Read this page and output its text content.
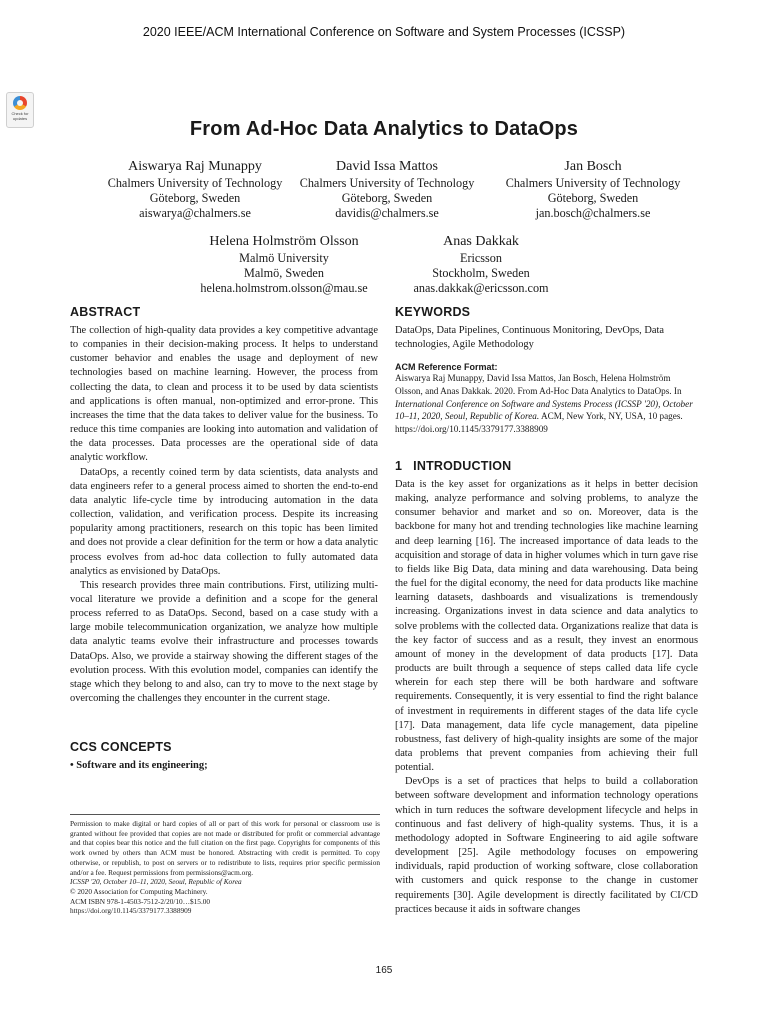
2020 IEEE/ACM International Conference on Software and System Processes (ICSSP)
Check for updates	From Ad-Hoc Data Analytics to DataOps
Aiswarya Raj Munappy
Chalmers University of Technology
Göteborg, Sweden
aiswarya@chalmers.se
David Issa Mattos
Chalmers University of Technology
Göteborg, Sweden
davidis@chalmers.se
Jan Bosch
Chalmers University of Technology
Göteborg, Sweden
jan.bosch@chalmers.se
Helena Holmström Olsson
Malmö University
Malmö, Sweden
helena.holmstrom.olsson@mau.se
Anas Dakkak
Ericsson
Stockholm, Sweden
anas.dakkak@ericsson.com
ABSTRACT

The collection of high-quality data provides a key competitive advantage to companies in their decision-making process. It helps to understand customer behavior and enables the usage and deployment of new technologies based on machine learning. However, the process from collecting the data, to clean and process it to be used by data scientists and applications is often manual, non-optimized and error-prone. This increases the time that the data takes to deliver value for the business. To reduce this time companies are looking into automation and validation of the data processes. Data processes are the operational side of data analytic workflow.

DataOps, a recently coined term by data scientists, data analysts and data engineers refer to a general process aimed to shorten the end-to-end data analytic life-cycle time by introducing automation in the data collection, validation, and verification process. Despite its increasing popularity among practitioners, research on this topic has been limited and does not provide a clear definition for the term or how a data analytic process evolves from ad-hoc data collection to fully automated data analytics as envisioned by DataOps.

This research provides three main contributions. First, utilizing multi-vocal literature we provide a definition and a scope for the general process referred to as DataOps. Second, based on a case study with a large mobile telecommunication organization, we analyze how multiple data analytic teams evolve their infrastructure and processes towards DataOps. Also, we provide a stairway showing the different stages of the evolution process. With this evolution model, companies can identify the stage which they belong to and also, can try to move to the next stage by overcoming the challenges they encounter in the current stage.

CCS CONCEPTS

• Software and its engineering;

Permission to make digital or hard copies of all or part of this work for personal or classroom use is granted without fee provided that copies are not made or distributed for profit or commercial advantage and that copies bear this notice and the full citation on the first page. Copyrights for components of this work owned by others than ACM must be honored. Abstracting with credit is permitted. To copy otherwise, or republish, to post on servers or to redistribute to lists, requires prior specific permission and/or a fee. Request permissions from permissions@acm.org.

ICSSP '20, October 10–11, 2020, Seoul, Republic of Korea

© 2020 Association for Computing Machinery.

ACM ISBN 978-1-4503-7512-2/20/10…$15.00

https://doi.org/10.1145/3379177.3388909

KEYWORDS

DataOps, Data Pipelines, Continuous Monitoring, DevOps, Data technologies, Agile Methodology

ACM Reference Format:

Aiswarya Raj Munappy, David Issa Mattos, Jan Bosch, Helena Holmström Olsson, and Anas Dakkak. 2020. From Ad-Hoc Data Analytics to DataOps. In International Conference on Software and Systems Process (ICSSP '20), October 10–11, 2020, Seoul, Republic of Korea. ACM, New York, NY, USA, 10 pages. https://doi.org/10.1145/3379177.3388909

1   INTRODUCTION

Data is the key asset for organizations as it helps in better decision making, analyze performance and solving problems, to analyze the consumer behavior and market and so on. Moreover, data is the backbone for many hot and trending technologies like machine learning and deep learning [16]. The increased importance of data leads to the acquisition and storage of data in higher volumes which in turn gave rise to fields like Big Data, data mining and data warehousing. Data being the fuel for the digital economy, the need for data products like machine learning datasets, dashboards and visualizations is tremendously increasing. Organizations invest in data science and data analytics to solve problems with the collected data. Organizations realize that data is the key factor of success and as a result, they invest an enormous amount of money in the development of data products [17]. Data products are built through a sequence of steps called data life cycle wherein for each step there will be both hardware and software requirements. Consequently, it is very essential to find the right balance of investment in requirements in different stages of the data life cycle [17]. Data management, data life cycle management, data pipeline robustness, fast delivery of high-quality insights are some of the major data problems that prevent companies from achieving their full potential.

DevOps is a set of practices that helps to build a collaboration between software development and information technology operations which in turn reduces the software development lifecycle and helps in continuous and fast delivery of high-quality systems. Thus, it is a methodology adopted in Software Engineering to aid agile software development [25]. Agile methodology focuses on empowering individuals, rapid production of working software, close collaboration with customers and quick response to the change in customer requirements [30]. Agile development is directly facilitated by CI/CD practices because it aids in software changes

165
